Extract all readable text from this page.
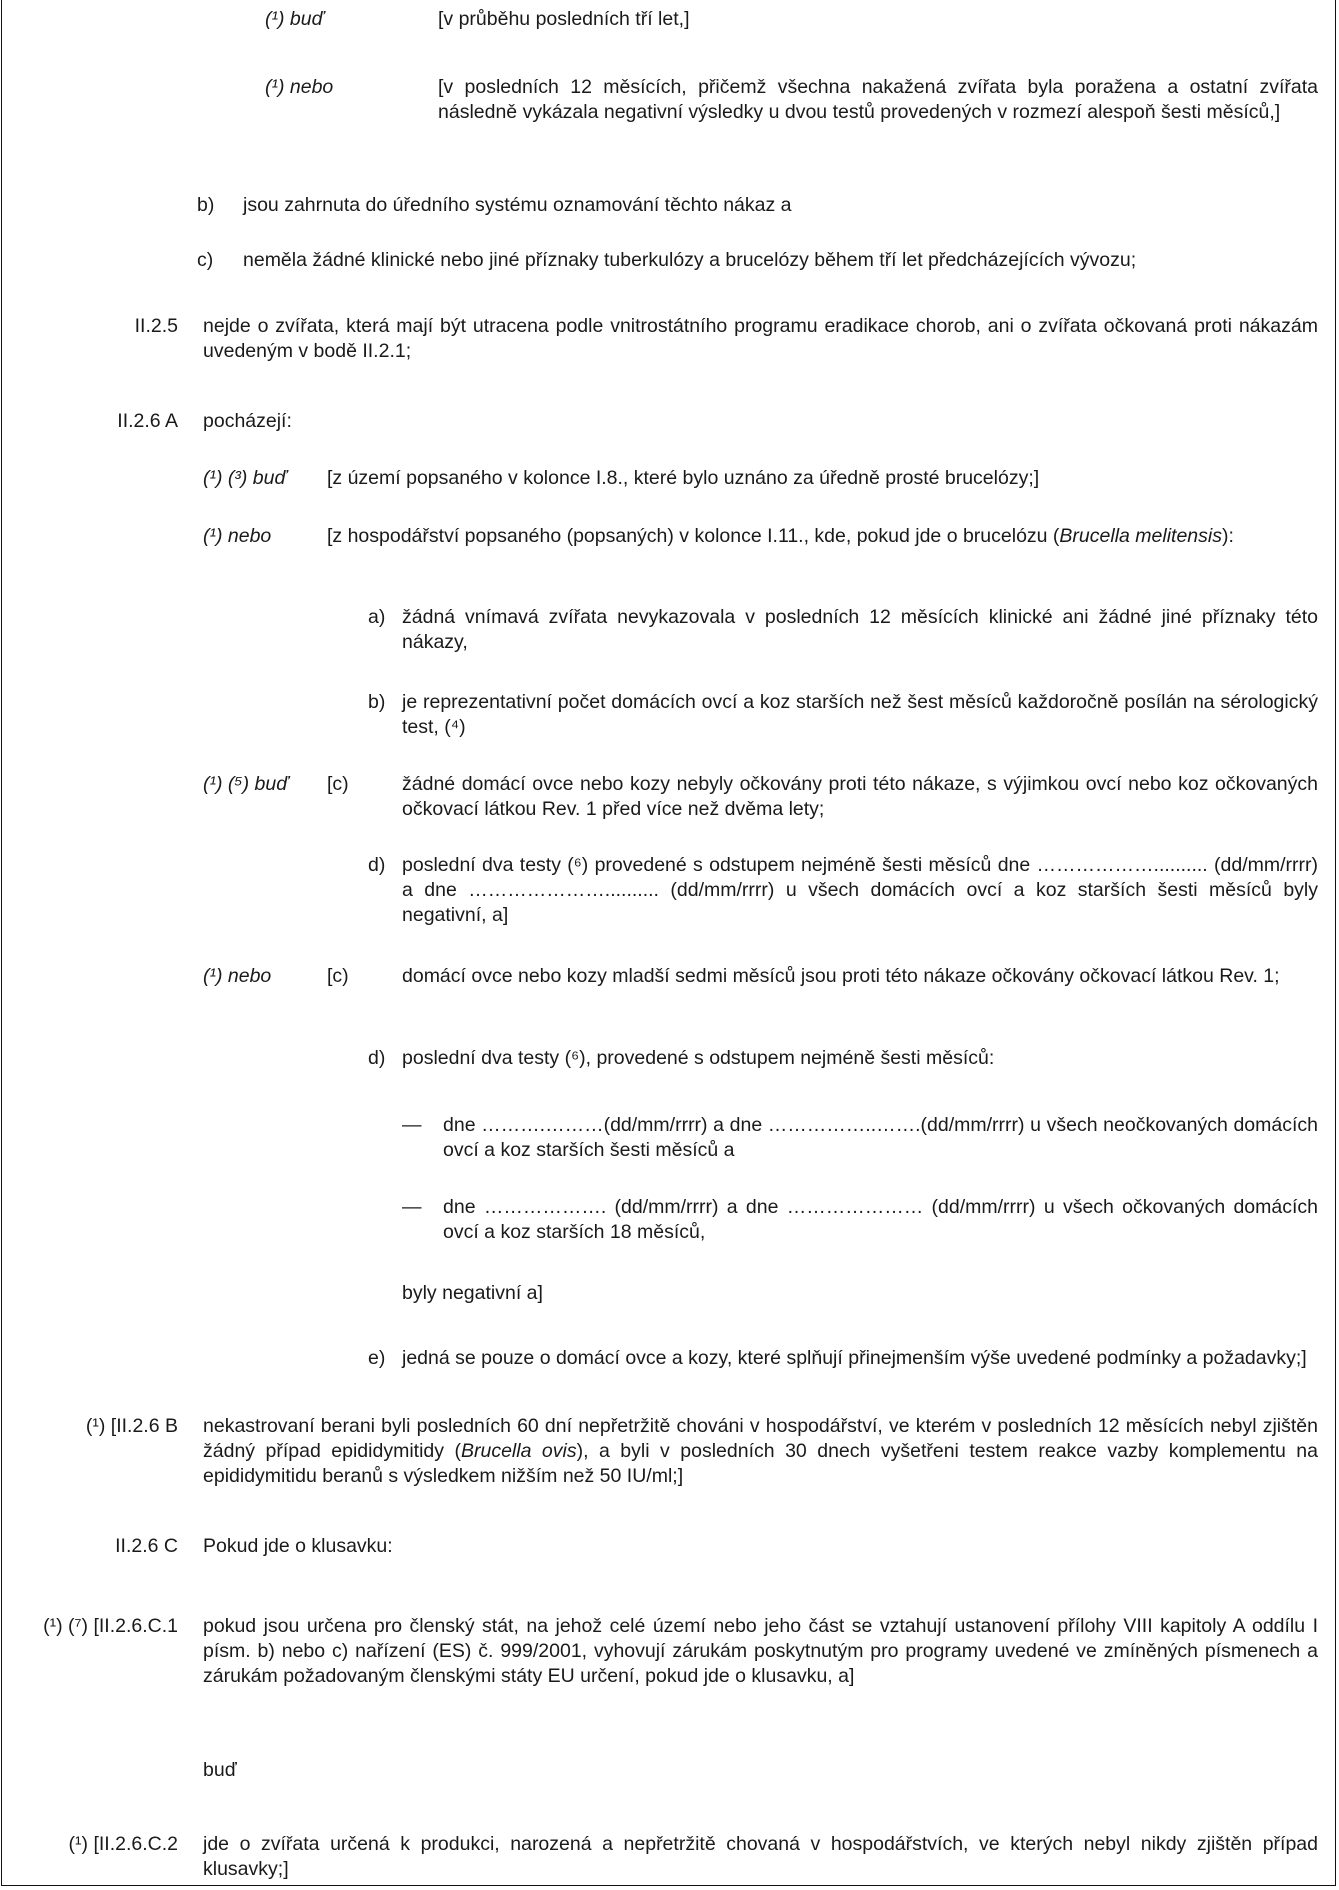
(¹) buď	[v průběhu posledních tří let,]
(¹) nebo	[v posledních 12 měsících, přičemž všechna nakažená zvířata byla poražena a ostatní zvířata následně vykázala negativní výsledky u dvou testů provedených v rozmezí alespoň šesti měsíců,]
b) jsou zahrnuta do úředního systému oznamování těchto nákaz a
c) neměla žádné klinické nebo jiné příznaky tuberkulózy a brucelózy během tří let předcházejících vývozu;
II.2.5 nejde o zvířata, která mají být utracena podle vnitrostátního programu eradikace chorob, ani o zvířata očkovaná proti nákazám uvedeným v bodě II.2.1;
II.2.6 A pocházejí:
(¹) (³) buď [z území popsaného v kolonce I.8., které bylo uznáno za úředně prosté brucelózy;]
(¹) nebo	[z hospodářství popsaného (popsaných) v kolonce I.11., kde, pokud jde o brucelózu (Brucella melitensis):
a) žádná vnímavá zvířata nevykazovala v posledních 12 měsících klinické ani žádné jiné příznaky této nákazy,
b) je reprezentativní počet domácích ovcí a koz starších než šest měsíců každoročně posílán na sérologický test, (⁴)
(¹) (⁵) buď [c)	žádné domácí ovce nebo kozy nebyly očkovány proti této nákaze, s výjimkou ovcí nebo koz očkovaných očkovací látkou Rev. 1 před více než dvěma lety;
d) poslední dva testy (⁶) provedené s odstupem nejméně šesti měsíců dne ……………….......... (dd/mm/rrrr) a dne ………………….......... (dd/mm/rrrr) u všech domácích ovcí a koz starších šesti měsíců byly negativní, a]
(¹) nebo	[c)	domácí ovce nebo kozy mladší sedmi měsíců jsou proti této nákaze očkovány očkovací látkou Rev. 1;
d) poslední dva testy (⁶), provedené s odstupem nejméně šesti měsíců:
— dne ……….………(dd/mm/rrrr) a dne ……………..…….(dd/mm/rrrr) u všech neočkovaných domácích ovcí a koz starších šesti měsíců a
— dne ………………. (dd/mm/rrrr) a dne ………………… (dd/mm/rrrr) u všech očkovaných domácích ovcí a koz starších 18 měsíců,
byly negativní a]
e) jedná se pouze o domácí ovce a kozy, které splňují přinejmenším výše uvedené podmínky a požadavky;]
(¹) [II.2.6 B nekastrovaní berani byli posledních 60 dní nepřetržitě chováni v hospodářství, ve kterém v posledních 12 měsících nebyl zjištěn žádný případ epididymitidy (Brucella ovis), a byli v posledních 30 dnech vyšetřeni testem reakce vazby komplementu na epididymitidu beranů s výsledkem nižším než 50 IU/ml;]
II.2.6 C Pokud jde o klusavku:
(¹) (⁷) [II.2.6.C.1 pokud jsou určena pro členský stát, na jehož celé území nebo jeho část se vztahují ustanovení přílohy VIII kapitoly A oddílu I písm. b) nebo c) nařízení (ES) č. 999/2001, vyhovují zárukám poskytnutým pro programy uvedené ve zmíněných písmenech a zárukám požadovaným členskými státy EU určení, pokud jde o klusavku, a]
buď
(¹) [II.2.6.C.2 jde o zvířata určená k produkci, narozená a nepřetržitě chovaná v hospodářstvích, ve kterých nebyl nikdy zjištěn případ klusavky;]
